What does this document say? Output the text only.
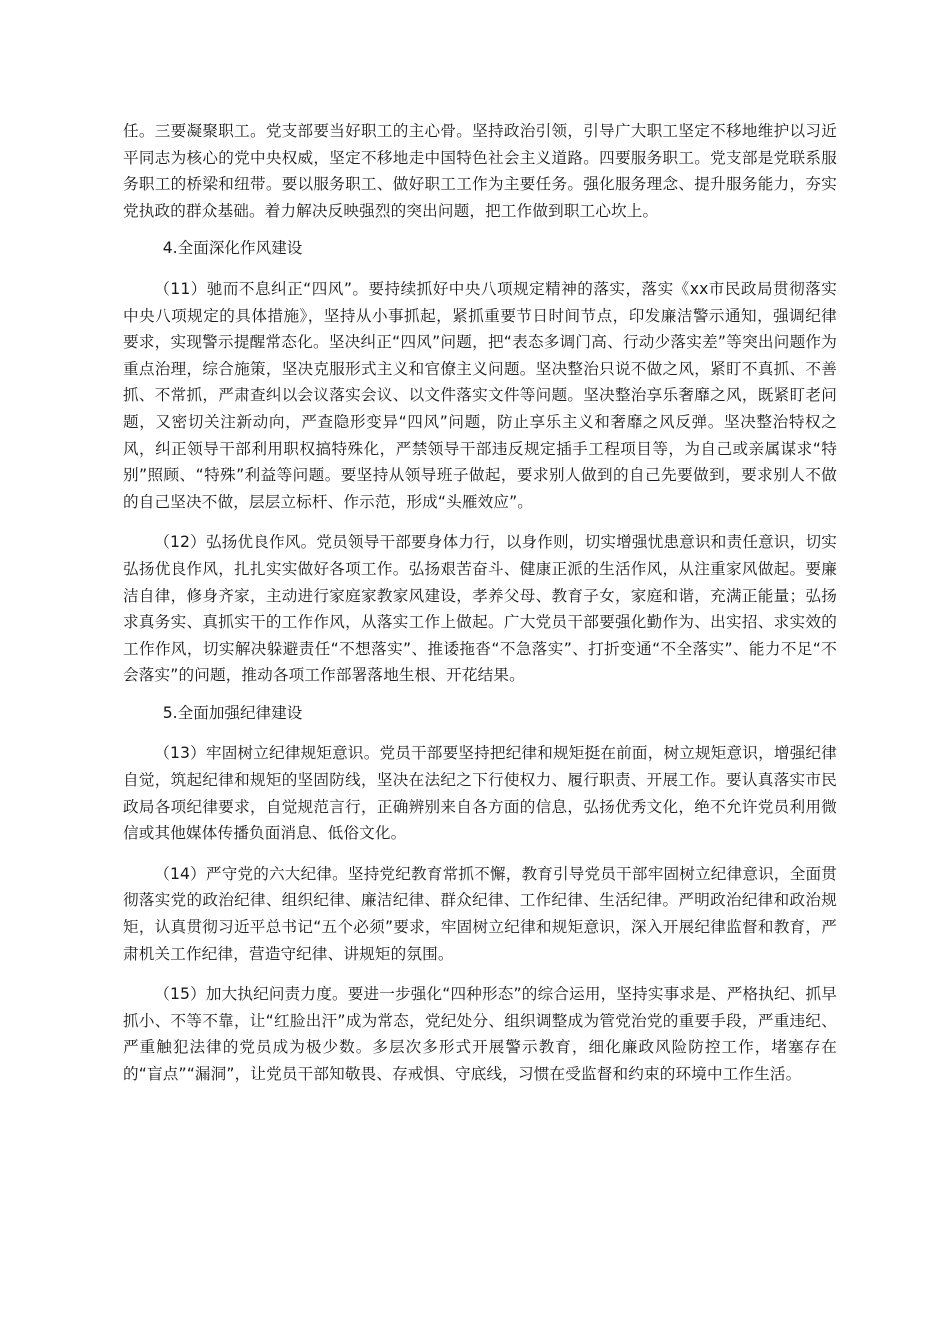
任。三要凝聚职工。党支部要当好职工的主心骨。坚持政治引领，引导广大职工坚定不移地维护以习近平同志为核心的党中央权威，坚定不移地走中国特色社会主义道路。四要服务职工。党支部是党联系服务职工的桥梁和纽带。要以服务职工、做好职工工作为主要任务。强化服务理念、提升服务能力，夯实党执政的群众基础。着力解决反映强烈的突出问题，把工作做到职工心坎上。

4.全面深化作风建设

（11）驰而不息纠正“四风”。要持续抓好中央八项规定精神的落实，落实《xx市民政局贯彻落实中央八项规定的具体措施》，坚持从小事抓起，紧抓重要节日时间节点，印发廉洁警示通知，强调纪律要求，实现警示提醒常态化。坚决纠正“四风”问题，把“表态多调门高、行动少落实差”等突出问题作为重点治理，综合施策，坚决克服形式主义和官僚主义问题。坚决整治只说不做之风，紧盯不真抓、不善抓、不常抓，严肃查纠以会议落实会议、以文件落实文件等问题。坚决整治享乐奢靡之风，既紧盯老问题，又密切关注新动向，严查隐形变异“四风”问题，防止享乐主义和奢靡之风反弹。坚决整治特权之风，纠正领导干部利用职权搞特殊化，严禁领导干部违反规定插手工程项目等，为自己或亲属谋求“特别”照顾、“特殊”利益等问题。要坚持从领导班子做起，要求别人做到的自己先要做到，要求别人不做的自己坚决不做，层层立标杆、作示范，形成“头雁效应”。

（12）弘扬优良作风。党员领导干部要身体力行，以身作则，切实增强忧患意识和责任意识，切实弘扬优良作风，扎扎实实做好各项工作。弘扬艰苦奋斗、健康正派的生活作风，从注重家风做起。要廉洁自律，修身齐家，主动进行家庭家教家风建设，孝养父母、教育子女，家庭和谐，充满正能量；弘扬求真务实、真抓实干的工作作风，从落实工作上做起。广大党员干部要强化勤作为、出实招、求实效的工作作风，切实解决躲避责任“不想落实”、推诿拖沓“不急落实”、打折变通“不全落实”、能力不足“不会落实”的问题，推动各项工作部署落地生根、开花结果。

5.全面加强纪律建设

（13）牢固树立纪律规矩意识。党员干部要坚持把纪律和规矩挺在前面，树立规矩意识，增强纪律自觉，筑起纪律和规矩的坚固防线，坚决在法纪之下行使权力、履行职责、开展工作。要认真落实市民政局各项纪律要求，自觉规范言行，正确辨别来自各方面的信息，弘扬优秀文化，绝不允许党员利用微信或其他媒体传播负面消息、低俗文化。

（14）严守党的六大纪律。坚持党纪教育常抓不懈，教育引导党员干部牢固树立纪律意识，全面贯彻落实党的政治纪律、组织纪律、廉洁纪律、群众纪律、工作纪律、生活纪律。严明政治纪律和政治规矩，认真贯彻习近平总书记“五个必须”要求，牢固树立纪律和规矩意识，深入开展纪律监督和教育，严肃机关工作纪律，营造守纪律、讲规矩的氛围。

（15）加大执纪问责力度。要进一步强化“四种形态”的综合运用，坚持实事求是、严格执纪、抓早抓小、不等不靠，让“红脸出汗”成为常态，党纪处分、组织调整成为管党治党的重要手段，严重违纪、严重触犯法律的党员成为极少数。多层次多形式开展警示教育，细化廉政风险防控工作，堵塞存在的“盲点”“漏洞”，让党员干部知敬畏、存戒惧、守底线，习惯在受监督和约束的环境中工作生活。
